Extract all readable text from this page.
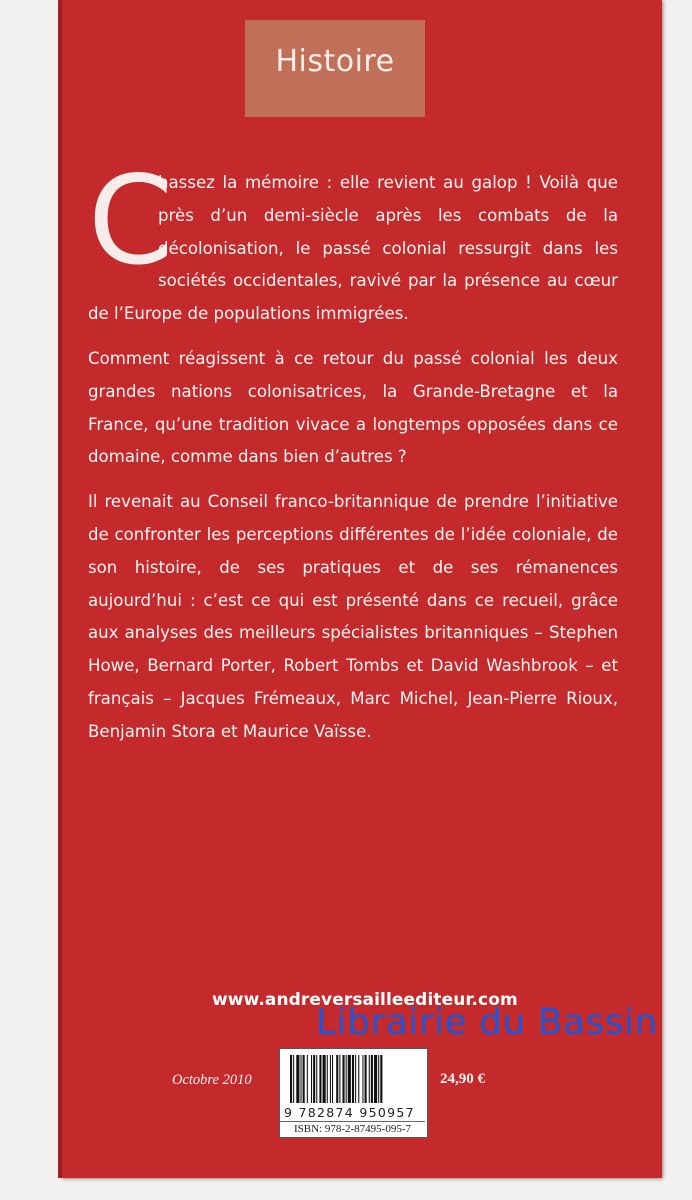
Histoire

C
hassez la mémoire : elle revient au galop ! Voilà que près d’un demi-siècle après les combats de la décolonisation, le passé colonial ressurgit dans les sociétés occidentales, ravivé par la présence au cœur de l’Europe de populations immigrées.

Comment réagissent à ce retour du passé colonial les deux grandes nations colonisatrices, la Grande-Bretagne et la France, qu’une tradition vivace a longtemps opposées dans ce domaine, comme dans bien d’autres ?

Il revenait au Conseil franco-britannique de prendre l’initiative de confronter les perceptions différentes de l’idée coloniale, de son histoire, de ses pratiques et de ses rémanences aujourd’hui : c’est ce qui est présenté dans ce recueil, grâce aux analyses des meilleurs spécialistes britanniques – Stephen Howe, Bernard Porter, Robert Tombs et David Washbrook – et français – Jacques Frémeaux, Marc Michel, Jean-Pierre Rioux, Benjamin Stora et Maurice Vaïsse.

www.andreversailleediteur.com
Octobre 2010
9 782874 950957
ISBN: 978-2-87495-095-7
24,90 €
Librairie du Bassin
